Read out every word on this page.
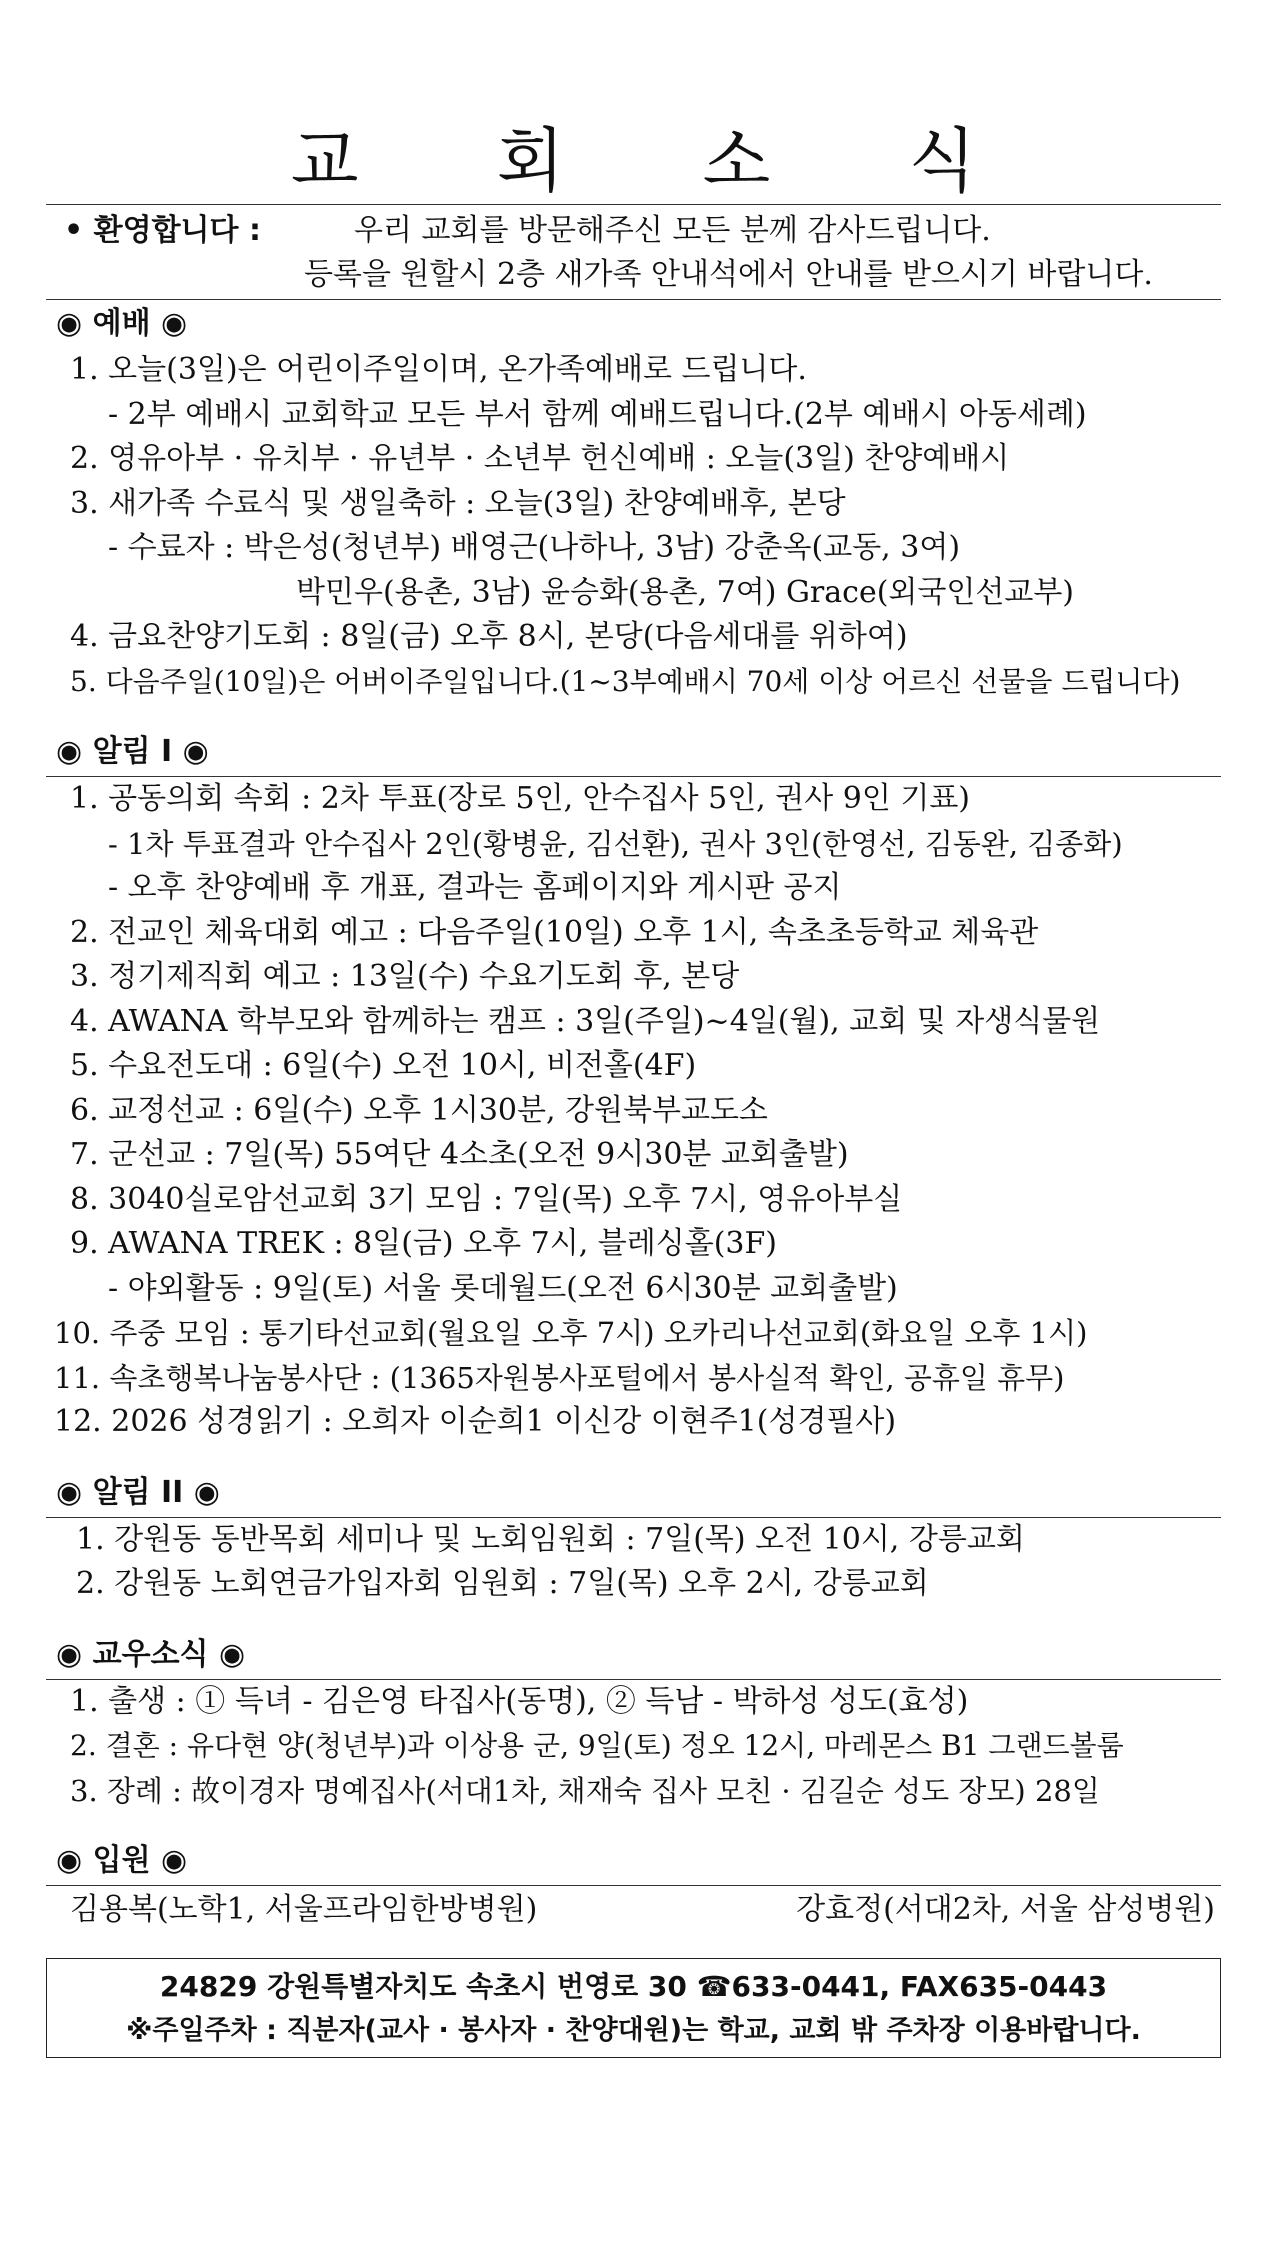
교 회 소 식
• 환영합니다 :	우리 교회를 방문해주신 모든 분께 감사드립니다.
등록을 원할시 2층 새가족 안내석에서 안내를 받으시기 바랍니다.
◉ 예배 ◉
1. 오늘(3일)은 어린이주일이며, 온가족예배로 드립니다.
- 2부 예배시 교회학교 모든 부서 함께 예배드립니다.(2부 예배시 아동세례)
2. 영유아부 · 유치부 · 유년부 · 소년부 헌신예배 : 오늘(3일) 찬양예배시
3. 새가족 수료식 및 생일축하 : 오늘(3일) 찬양예배후, 본당
- 수료자 : 박은성(청년부) 배영근(나하나, 3남) 강춘옥(교동, 3여)
박민우(용촌, 3남) 윤승화(용촌, 7여) Grace(외국인선교부)
4. 금요찬양기도회 : 8일(금) 오후 8시, 본당(다음세대를 위하여)
5. 다음주일(10일)은 어버이주일입니다.(1~3부예배시 70세 이상 어르신 선물을 드립니다)
◉ 알림 I ◉
1. 공동의회 속회 : 2차 투표(장로 5인, 안수집사 5인, 권사 9인 기표)
- 1차 투표결과 안수집사 2인(황병윤, 김선환), 권사 3인(한영선, 김동완, 김종화)
- 오후 찬양예배 후 개표, 결과는 홈페이지와 게시판 공지
2. 전교인 체육대회 예고 : 다음주일(10일) 오후 1시, 속초초등학교 체육관
3. 정기제직회 예고 : 13일(수) 수요기도회 후, 본당
4. AWANA 학부모와 함께하는 캠프 : 3일(주일)~4일(월), 교회 및 자생식물원
5. 수요전도대 : 6일(수) 오전 10시, 비전홀(4F)
6. 교정선교 : 6일(수) 오후 1시30분, 강원북부교도소
7. 군선교 : 7일(목) 55여단 4소초(오전 9시30분 교회출발)
8. 3040실로암선교회 3기 모임 : 7일(목) 오후 7시, 영유아부실
9. AWANA TREK : 8일(금) 오후 7시, 블레싱홀(3F)
- 야외활동 : 9일(토) 서울 롯데월드(오전 6시30분 교회출발)
10. 주중 모임 : 통기타선교회(월요일 오후 7시) 오카리나선교회(화요일 오후 1시)
11. 속초행복나눔봉사단 : (1365자원봉사포털에서 봉사실적 확인, 공휴일 휴무)
12. 2026 성경읽기 : 오희자 이순희1 이신강 이현주1(성경필사)
◉ 알림 II ◉
1. 강원동 동반목회 세미나 및 노회임원회 : 7일(목) 오전 10시, 강릉교회
2. 강원동 노회연금가입자회 임원회 : 7일(목) 오후 2시, 강릉교회
◉ 교우소식 ◉
1. 출생 : ① 득녀 - 김은영 타집사(동명), ② 득남 - 박하성 성도(효성)
2. 결혼 : 유다현 양(청년부)과 이상용 군, 9일(토) 정오 12시, 마레몬스 B1 그랜드볼룸
3. 장례 : 故이경자 명예집사(서대1차, 채재숙 집사 모친 · 김길순 성도 장모) 28일
◉ 입원 ◉
김용복(노학1, 서울프라임한방병원)	강효정(서대2차, 서울 삼성병원)
24829 강원특별자치도 속초시 번영로 30 ☎633-0441, FAX635-0443
※주일주차 : 직분자(교사 · 봉사자 · 찬양대원)는 학교, 교회 밖 주차장 이용바랍니다.
